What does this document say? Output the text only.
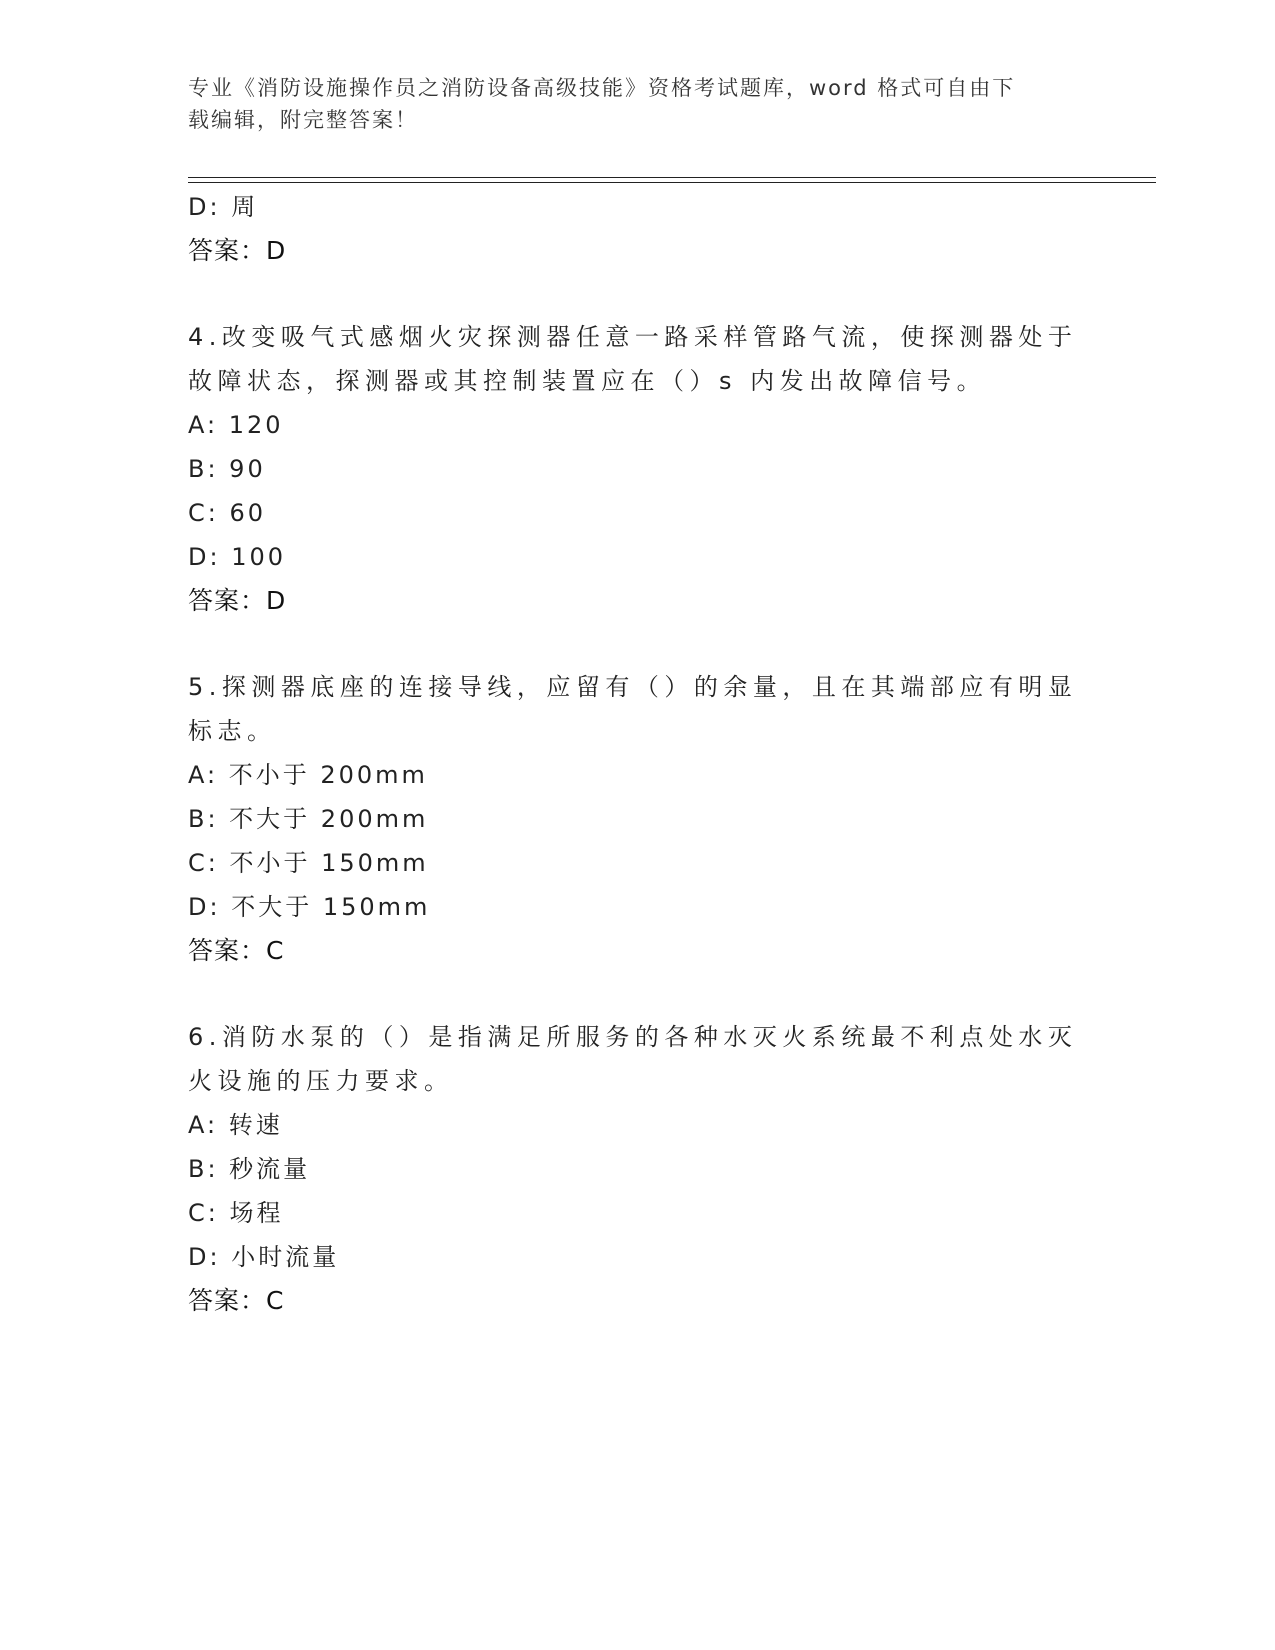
专业《消防设施操作员之消防设备高级技能》资格考试题库，word 格式可自由下
载编辑，附完整答案！
D: 周
答案：D
4.改变吸气式感烟火灾探测器任意一路采样管路气流，使探测器处于
故障状态，探测器或其控制装置应在（）s 内发出故障信号。
A: 120
B: 90
C: 60
D: 100
答案：D
5.探测器底座的连接导线，应留有（）的余量，且在其端部应有明显
标志。
A: 不小于 200mm
B: 不大于 200mm
C: 不小于 150mm
D: 不大于 150mm
答案：C
6.消防水泵的（）是指满足所服务的各种水灭火系统最不利点处水灭
火设施的压力要求。
A: 转速
B: 秒流量
C: 场程
D: 小时流量
答案：C
